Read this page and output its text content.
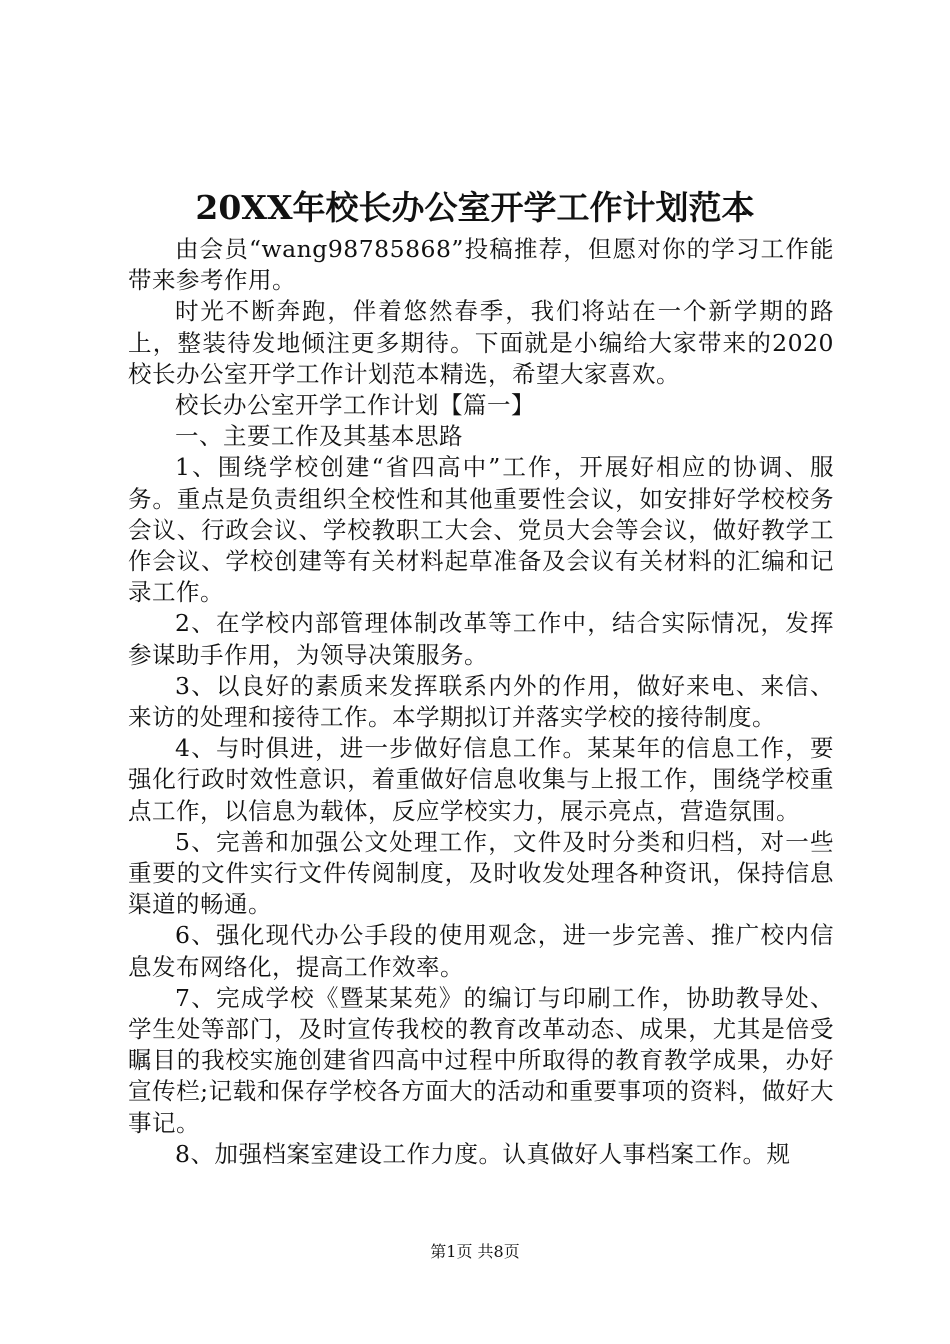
20XX年校长办公室开学工作计划范本

由会员“wang98785868”投稿推荐，但愿对你的学习工作能带来参考作用。

时光不断奔跑，伴着悠然春季，我们将站在一个新学期的路上，整装待发地倾注更多期待。下面就是小编给大家带来的2020校长办公室开学工作计划范本精选，希望大家喜欢。

校长办公室开学工作计划【篇一】

一、主要工作及其基本思路

1、围绕学校创建“省四高中”工作，开展好相应的协调、服务。重点是负责组织全校性和其他重要性会议，如安排好学校校务会议、行政会议、学校教职工大会、党员大会等会议，做好教学工作会议、学校创建等有关材料起草准备及会议有关材料的汇编和记录工作。

2、在学校内部管理体制改革等工作中，结合实际情况，发挥参谋助手作用，为领导决策服务。

3、以良好的素质来发挥联系内外的作用，做好来电、来信、来访的处理和接待工作。本学期拟订并落实学校的接待制度。

4、与时俱进，进一步做好信息工作。某某年的信息工作，要强化行政时效性意识，着重做好信息收集与上报工作，围绕学校重点工作，以信息为载体，反应学校实力，展示亮点，营造氛围。

5、完善和加强公文处理工作，文件及时分类和归档，对一些重要的文件实行文件传阅制度，及时收发处理各种资讯，保持信息渠道的畅通。

6、强化现代办公手段的使用观念，进一步完善、推广校内信息发布网络化，提高工作效率。

7、完成学校《暨某某苑》的编订与印刷工作，协助教导处、学生处等部门，及时宣传我校的教育改革动态、成果，尤其是倍受瞩目的我校实施创建省四高中过程中所取得的教育教学成果，办好宣传栏;记载和保存学校各方面大的活动和重要事项的资料，做好大事记。

8、加强档案室建设工作力度。认真做好人事档案工作。规

第1页 共8页
